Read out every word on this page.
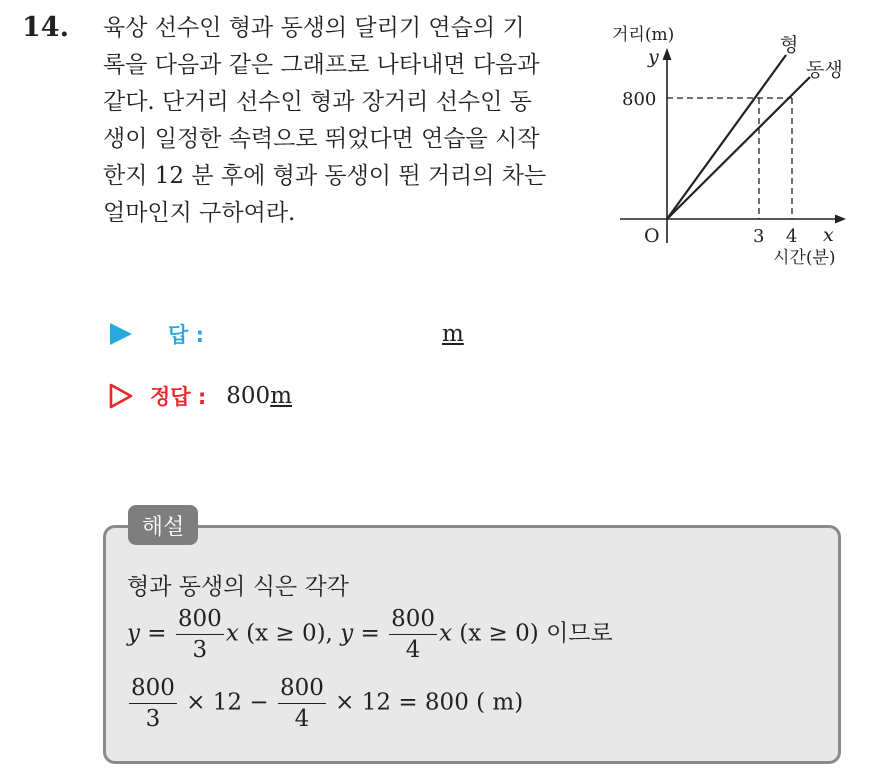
14. 육상 선수인 형과 동생의 달리기 연습의 기
록을 다음과 같은 그래프로 나타내면 다음과
같다. 단거리 선수인 형과 장거리 선수인 동
생이 일정한 속력으로 뛰었다면 연습을 시작
한지 12 분 후에 형과 동생이 뛴 거리의 차는
얼마인지 구하여라.
거리(m)
y
800
O	3 4 x
시간(분)
형
동생
답 :	m
정답 : 800 m
해설
형과 동생의 식은 각각
$y = \frac{800}{3}$ x (x ≥ 0), $y = \frac{800}{4}$ x (x ≥ 0) 이므로
$\frac{800}{3} \times 12 - \frac{800}{4} \times 12 = 800$ ( m)
